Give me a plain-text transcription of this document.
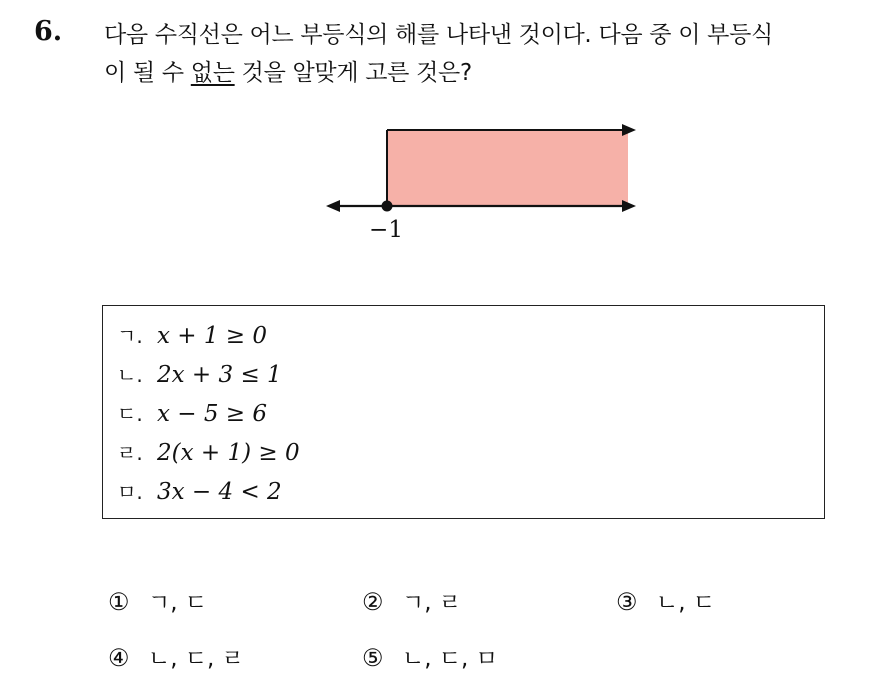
6. 다음 수직선은 어느 부등식의 해를 나타낸 것이다. 다음 중 이 부등식
이 될 수 없는 것을 알맞게 고른 것은?
−1
ㄱ. x + 1 ≥ 0
ㄴ. 2x + 3 ≤ 1
ㄷ. x − 5 ≥ 6
ㄹ. 2(x + 1) ≥ 0
ㅁ. 3x − 4 < 2
① ㄱ, ㄷ	② ㄱ, ㄹ	③ ㄴ, ㄷ
④ ㄴ, ㄷ, ㄹ	⑤ ㄴ, ㄷ, ㅁ
